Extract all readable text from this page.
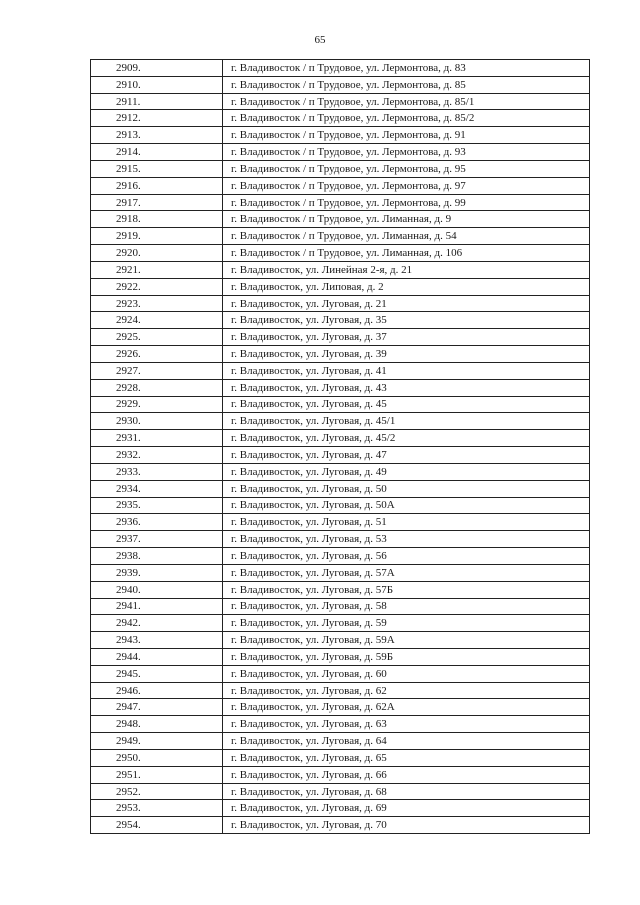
65
2909.	г. Владивосток / п Трудовое, ул. Лермонтова, д. 83
2910.	г. Владивосток / п Трудовое, ул. Лермонтова, д. 85
2911.	г. Владивосток / п Трудовое, ул. Лермонтова, д. 85/1
2912.	г. Владивосток / п Трудовое, ул. Лермонтова, д. 85/2
2913.	г. Владивосток / п Трудовое, ул. Лермонтова, д. 91
2914.	г. Владивосток / п Трудовое, ул. Лермонтова, д. 93
2915.	г. Владивосток / п Трудовое, ул. Лермонтова, д. 95
2916.	г. Владивосток / п Трудовое, ул. Лермонтова, д. 97
2917.	г. Владивосток / п Трудовое, ул. Лермонтова, д. 99
2918.	г. Владивосток / п Трудовое, ул. Лиманная, д. 9
2919.	г. Владивосток / п Трудовое, ул. Лиманная, д. 54
2920.	г. Владивосток / п Трудовое, ул. Лиманная, д. 106
2921.	г. Владивосток, ул. Линейная 2-я, д. 21
2922.	г. Владивосток, ул. Липовая, д. 2
2923.	г. Владивосток, ул. Луговая, д. 21
2924.	г. Владивосток, ул. Луговая, д. 35
2925.	г. Владивосток, ул. Луговая, д. 37
2926.	г. Владивосток, ул. Луговая, д. 39
2927.	г. Владивосток, ул. Луговая, д. 41
2928.	г. Владивосток, ул. Луговая, д. 43
2929.	г. Владивосток, ул. Луговая, д. 45
2930.	г. Владивосток, ул. Луговая, д. 45/1
2931.	г. Владивосток, ул. Луговая, д. 45/2
2932.	г. Владивосток, ул. Луговая, д. 47
2933.	г. Владивосток, ул. Луговая, д. 49
2934.	г. Владивосток, ул. Луговая, д. 50
2935.	г. Владивосток, ул. Луговая, д. 50А
2936.	г. Владивосток, ул. Луговая, д. 51
2937.	г. Владивосток, ул. Луговая, д. 53
2938.	г. Владивосток, ул. Луговая, д. 56
2939.	г. Владивосток, ул. Луговая, д. 57А
2940.	г. Владивосток, ул. Луговая, д. 57Б
2941.	г. Владивосток, ул. Луговая, д. 58
2942.	г. Владивосток, ул. Луговая, д. 59
2943.	г. Владивосток, ул. Луговая, д. 59А
2944.	г. Владивосток, ул. Луговая, д. 59Б
2945.	г. Владивосток, ул. Луговая, д. 60
2946.	г. Владивосток, ул. Луговая, д. 62
2947.	г. Владивосток, ул. Луговая, д. 62А
2948.	г. Владивосток, ул. Луговая, д. 63
2949.	г. Владивосток, ул. Луговая, д. 64
2950.	г. Владивосток, ул. Луговая, д. 65
2951.	г. Владивосток, ул. Луговая, д. 66
2952.	г. Владивосток, ул. Луговая, д. 68
2953.	г. Владивосток, ул. Луговая, д. 69
2954.	г. Владивосток, ул. Луговая, д. 70
